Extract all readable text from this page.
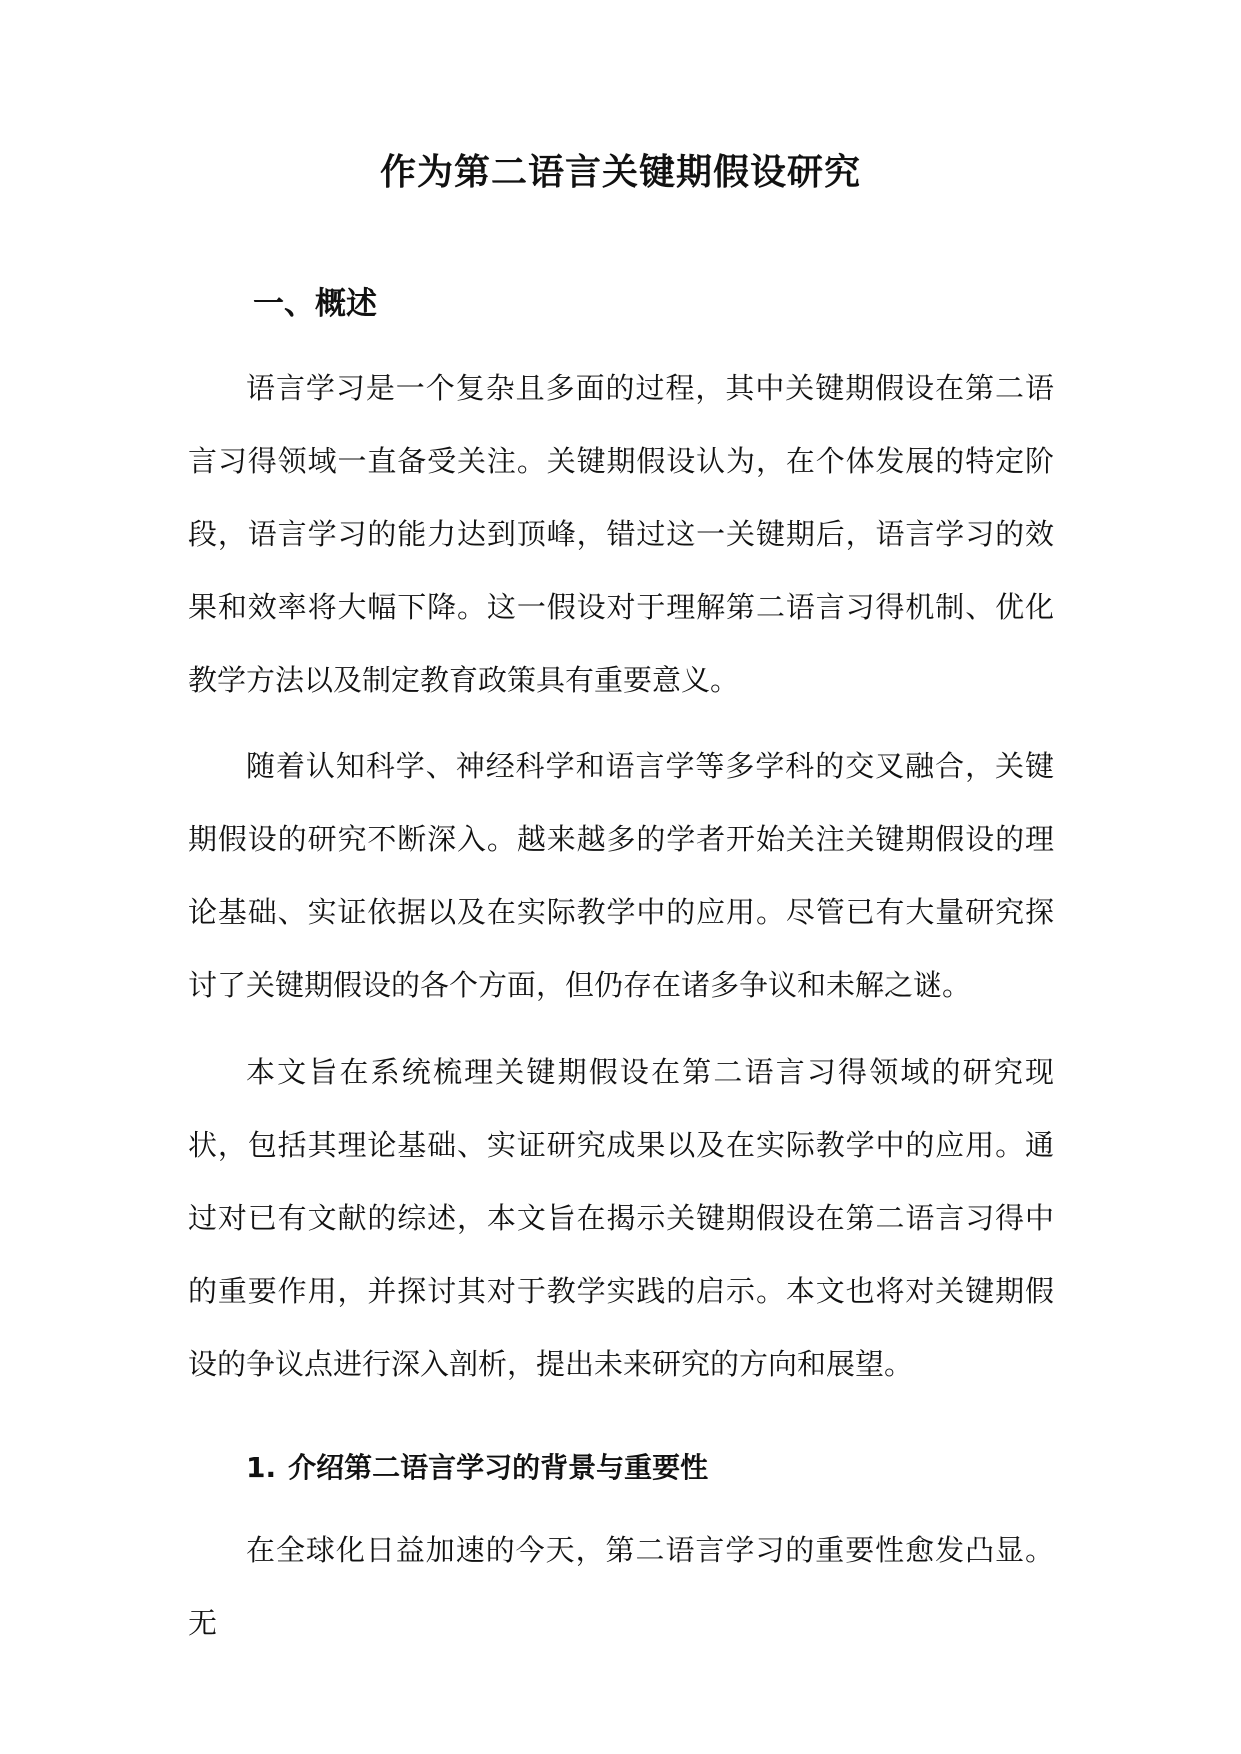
作为第二语言关键期假设研究
一、概述

语言学习是一个复杂且多面的过程，其中关键期假设在第二语言习得领域一直备受关注。关键期假设认为，在个体发展的特定阶段，语言学习的能力达到顶峰，错过这一关键期后，语言学习的效果和效率将大幅下降。这一假设对于理解第二语言习得机制、优化教学方法以及制定教育政策具有重要意义。

随着认知科学、神经科学和语言学等多学科的交叉融合，关键期假设的研究不断深入。越来越多的学者开始关注关键期假设的理论基础、实证依据以及在实际教学中的应用。尽管已有大量研究探讨了关键期假设的各个方面，但仍存在诸多争议和未解之谜。

本文旨在系统梳理关键期假设在第二语言习得领域的研究现状，包括其理论基础、实证研究成果以及在实际教学中的应用。通过对已有文献的综述，本文旨在揭示关键期假设在第二语言习得中的重要作用，并探讨其对于教学实践的启示。本文也将对关键期假设的争议点进行深入剖析，提出未来研究的方向和展望。

1. 介绍第二语言学习的背景与重要性

在全球化日益加速的今天，第二语言学习的重要性愈发凸显。无
